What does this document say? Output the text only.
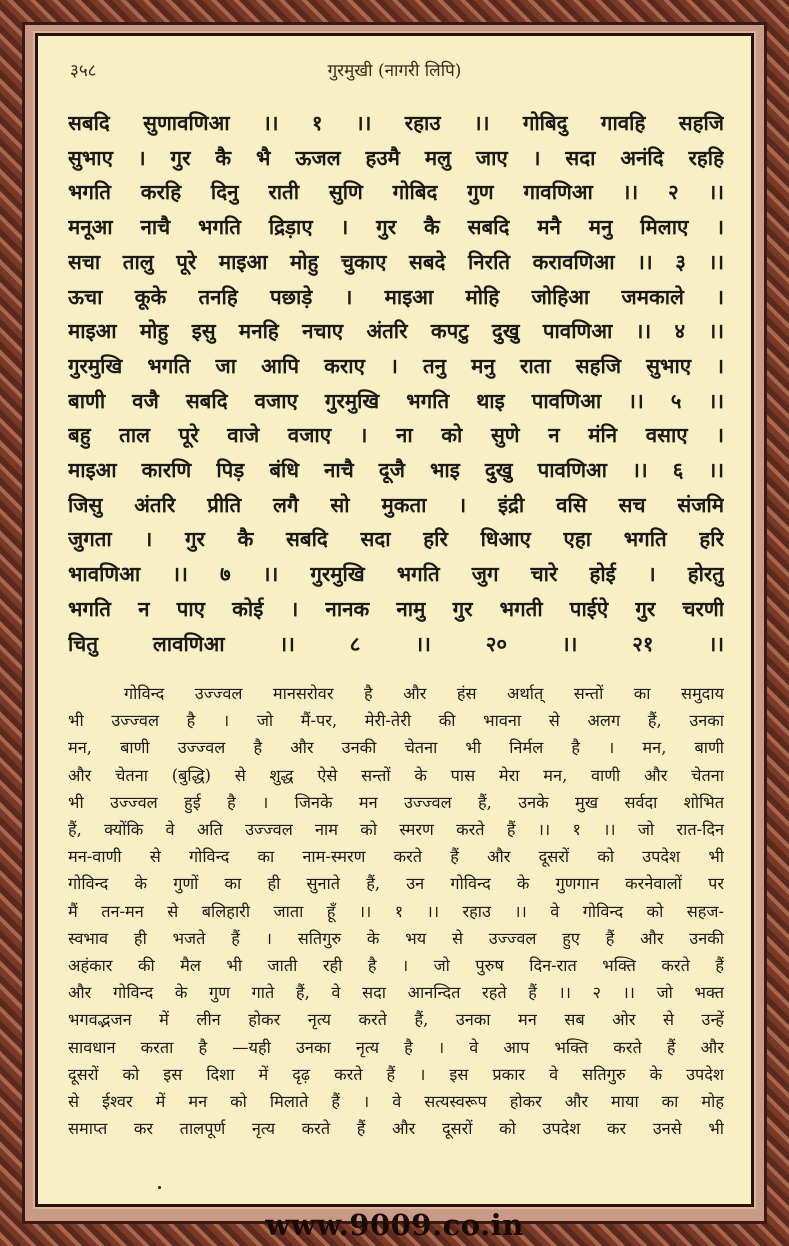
३५८	गुरमुखी (नागरी लिपि)
सबदि सुणावणिआ ।। १ ।। रहाउ ।। गोबिदु गावहि सहजि
सुभाए । गुर कै भै ऊजल हउमै मलु जाए । सदा अनंदि रहहि
भगति करहि दिनु राती सुणि गोबिद गुण गावणिआ ।। २ ।।
मनूआ नाचै भगति द्रिड़ाए । गुर कै सबदि मनै मनु मिलाए ।
सचा तालु पूरे माइआ मोहु चुकाए सबदे निरति करावणिआ ।। ३ ।।
ऊचा कूके तनहि पछाड़े । माइआ मोहि जोहिआ जमकाले ।
माइआ मोहु इसु मनहि नचाए अंतरि कपटु दुखु पावणिआ ।। ४ ।।
गुरमुखि भगति जा आपि कराए । तनु मनु राता सहजि सुभाए ।
बाणी वजै सबदि वजाए गुरमुखि भगति थाइ पावणिआ ।। ५ ।।
बहु ताल पूरे वाजे वजाए । ना को सुणे न मंनि वसाए ।
माइआ कारणि पिड़ बंधि नाचै दूजै भाइ दुखु पावणिआ ।। ६ ।।
जिसु अंतरि प्रीति लगै सो मुकता । इंद्री वसि सच संजमि
जुगता । गुर कै सबदि सदा हरि धिआए एहा भगति हरि
भावणिआ ।। ७ ।। गुरमुखि भगति जुग चारे होई । होरतु
भगति न पाए कोई । नानक नामु गुर भगती पाईऐ गुर चरणी
चितु लावणिआ ।। ८ ।। २० ।। २१ ।।
गोविन्द उज्ज्वल मानसरोवर है और हंस अर्थात् सन्तों का समुदाय
भी उज्ज्वल है । जो मैं-पर, मेरी-तेरी की भावना से अलग हैं, उनका
मन, बाणी उज्ज्वल है और उनकी चेतना भी निर्मल है । मन, बाणी
और चेतना (बुद्धि) से शुद्ध ऐसे सन्तों के पास मेरा मन, वाणी और चेतना
भी उज्ज्वल हुई है । जिनके मन उज्ज्वल हैं, उनके मुख सर्वदा शोभित
हैं, क्योंकि वे अति उज्ज्वल नाम को स्मरण करते हैं ।। १ ।। जो रात-दिन
मन-वाणी से गोविन्द का नाम-स्मरण करते हैं और दूसरों को उपदेश भी
गोविन्द के गुणों का ही सुनाते हैं, उन गोविन्द के गुणगान करनेवालों पर
मैं तन-मन से बलिहारी जाता हूँ ।। १ ।। रहाउ ।। वे गोविन्द को सहज-
स्वभाव ही भजते हैं । सतिगुरु के भय से उज्ज्वल हुए हैं और उनकी
अहंकार की मैल भी जाती रही है । जो पुरुष दिन-रात भक्ति करते हैं
और गोविन्द के गुण गाते हैं, वे सदा आनन्दित रहते हैं ।। २ ।। जो भक्त
भगवद्भजन में लीन होकर नृत्य करते हैं, उनका मन सब ओर से उन्हें
सावधान करता है —यही उनका नृत्य है । वे आप भक्ति करते हैं और
दूसरों को इस दिशा में दृढ़ करते हैं । इस प्रकार वे सतिगुरु के उपदेश
से ईश्वर में मन को मिलाते हैं । वे सत्यस्वरूप होकर और माया का मोह
समाप्त कर तालपूर्ण नृत्य करते हैं और दूसरों को उपदेश कर उनसे भी
www.9009.co.in
